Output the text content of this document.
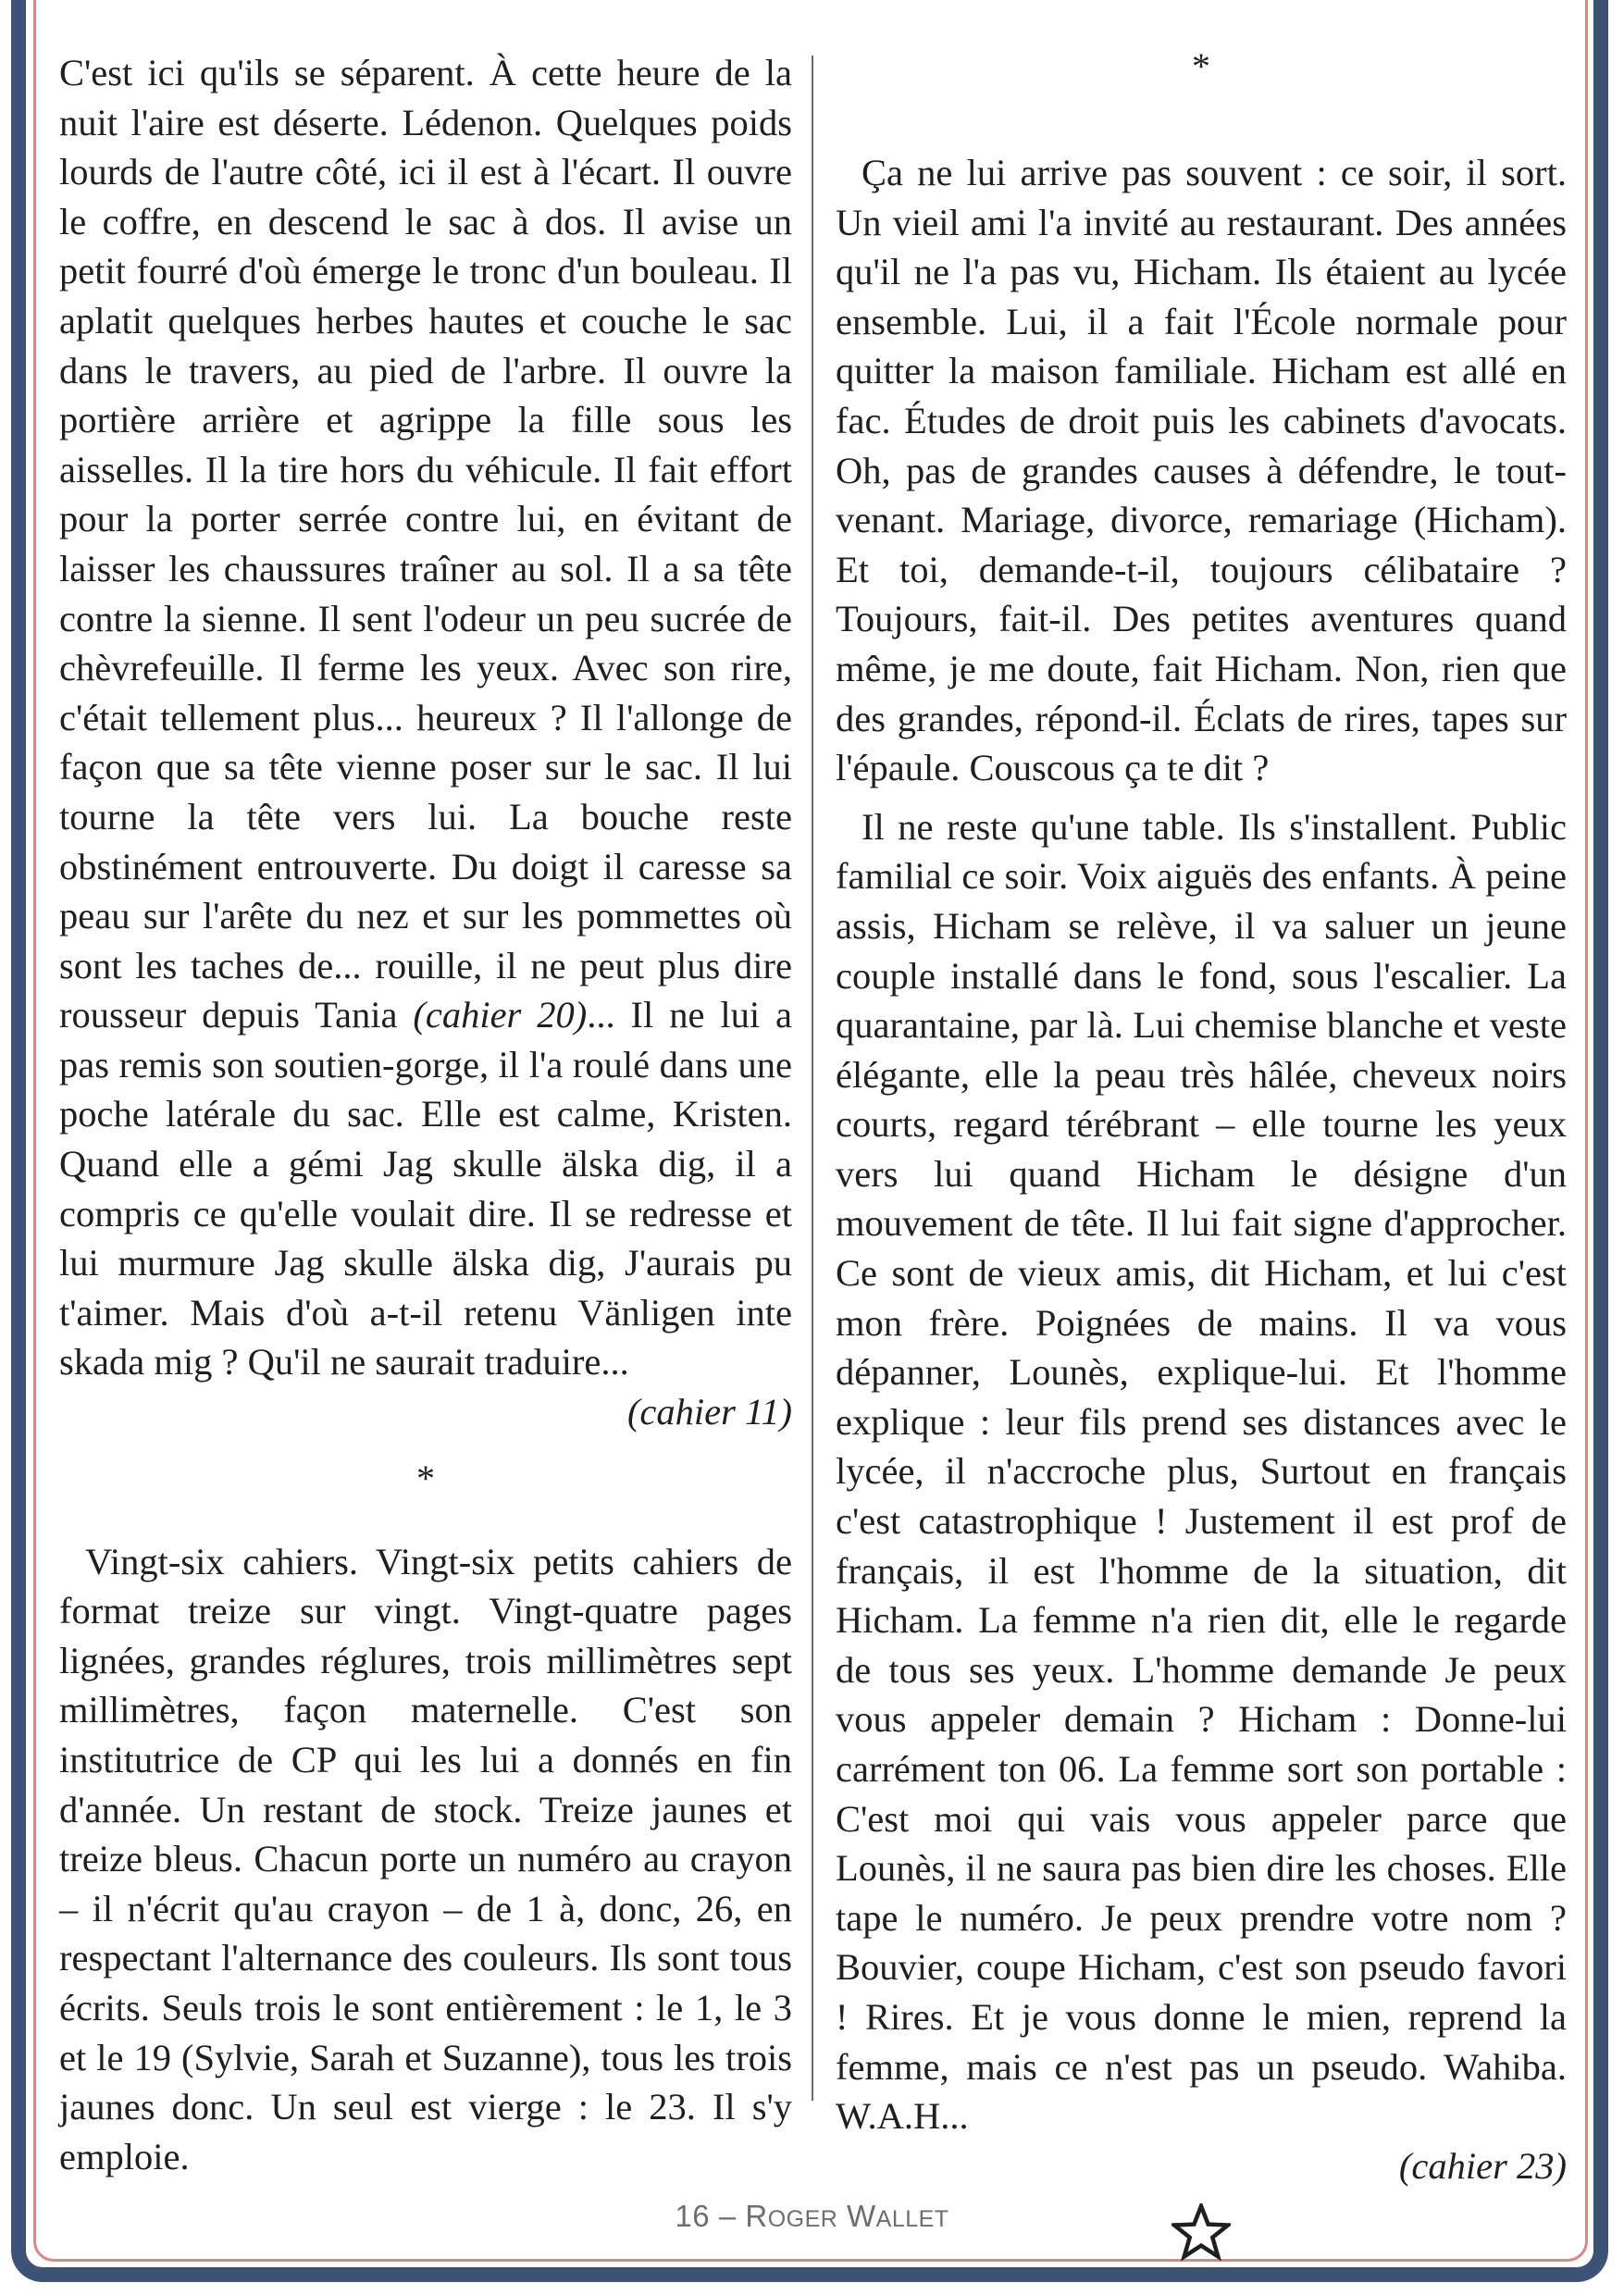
C'est ici qu'ils se séparent. À cette heure de la nuit l'aire est déserte. Lédenon. Quelques poids lourds de l'autre côté, ici il est à l'écart. Il ouvre le coffre, en descend le sac à dos. Il avise un petit fourré d'où émerge le tronc d'un bouleau. Il aplatit quelques herbes hautes et couche le sac dans le travers, au pied de l'arbre. Il ouvre la portière arrière et agrippe la fille sous les aisselles. Il la tire hors du véhicule. Il fait effort pour la porter serrée contre lui, en évitant de laisser les chaussures traîner au sol. Il a sa tête contre la sienne. Il sent l'odeur un peu sucrée de chèvrefeuille. Il ferme les yeux. Avec son rire, c'était tellement plus... heureux ? Il l'allonge de façon que sa tête vienne poser sur le sac. Il lui tourne la tête vers lui. La bouche reste obstinément entrouverte. Du doigt il caresse sa peau sur l'arête du nez et sur les pommettes où sont les taches de... rouille, il ne peut plus dire rousseur depuis Tania (cahier 20)... Il ne lui a pas remis son soutien-gorge, il l'a roulé dans une poche latérale du sac. Elle est calme, Kristen. Quand elle a gémi Jag skulle älska dig, il a compris ce qu'elle voulait dire. Il se redresse et lui murmure Jag skulle älska dig, J'aurais pu t'aimer. Mais d'où a-t-il retenu Vänligen inte skada mig ? Qu'il ne saurait traduire...

(cahier 11)

*

Vingt-six cahiers. Vingt-six petits cahiers de format treize sur vingt. Vingt-quatre pages lignées, grandes réglures, trois millimètres sept millimètres, façon maternelle. C'est son institutrice de CP qui les lui a donnés en fin d'année. Un restant de stock. Treize jaunes et treize bleus. Chacun porte un numéro au crayon – il n'écrit qu'au crayon – de 1 à, donc, 26, en respectant l'alternance des couleurs. Ils sont tous écrits. Seuls trois le sont entièrement : le 1, le 3 et le 19 (Sylvie, Sarah et Suzanne), tous les trois jaunes donc. Un seul est vierge : le 23. Il s'y emploie.

*

Ça ne lui arrive pas souvent : ce soir, il sort. Un vieil ami l'a invité au restaurant. Des années qu'il ne l'a pas vu, Hicham. Ils étaient au lycée ensemble. Lui, il a fait l'École normale pour quitter la maison familiale. Hicham est allé en fac. Études de droit puis les cabinets d'avocats. Oh, pas de grandes causes à défendre, le tout-venant. Mariage, divorce, remariage (Hicham). Et toi, demande-t-il, toujours célibataire ? Toujours, fait-il. Des petites aventures quand même, je me doute, fait Hicham. Non, rien que des grandes, répond-il. Éclats de rires, tapes sur l'épaule. Couscous ça te dit ?

Il ne reste qu'une table. Ils s'installent. Public familial ce soir. Voix aiguës des enfants. À peine assis, Hicham se relève, il va saluer un jeune couple installé dans le fond, sous l'escalier. La quarantaine, par là. Lui chemise blanche et veste élégante, elle la peau très hâlée, cheveux noirs courts, regard térébrant – elle tourne les yeux vers lui quand Hicham le désigne d'un mouvement de tête. Il lui fait signe d'approcher. Ce sont de vieux amis, dit Hicham, et lui c'est mon frère. Poignées de mains. Il va vous dépanner, Lounès, explique-lui. Et l'homme explique : leur fils prend ses distances avec le lycée, il n'accroche plus, Surtout en français c'est catastrophique ! Justement il est prof de français, il est l'homme de la situation, dit Hicham. La femme n'a rien dit, elle le regarde de tous ses yeux. L'homme demande Je peux vous appeler demain ? Hicham : Donne-lui carrément ton 06. La femme sort son portable : C'est moi qui vais vous appeler parce que Lounès, il ne saura pas bien dire les choses. Elle tape le numéro. Je peux prendre votre nom ? Bouvier, coupe Hicham, c'est son pseudo favori ! Rires. Et je vous donne le mien, reprend la femme, mais ce n'est pas un pseudo. Wahiba. W.A.H...

(cahier 23)

16 – ROGER WALLET
